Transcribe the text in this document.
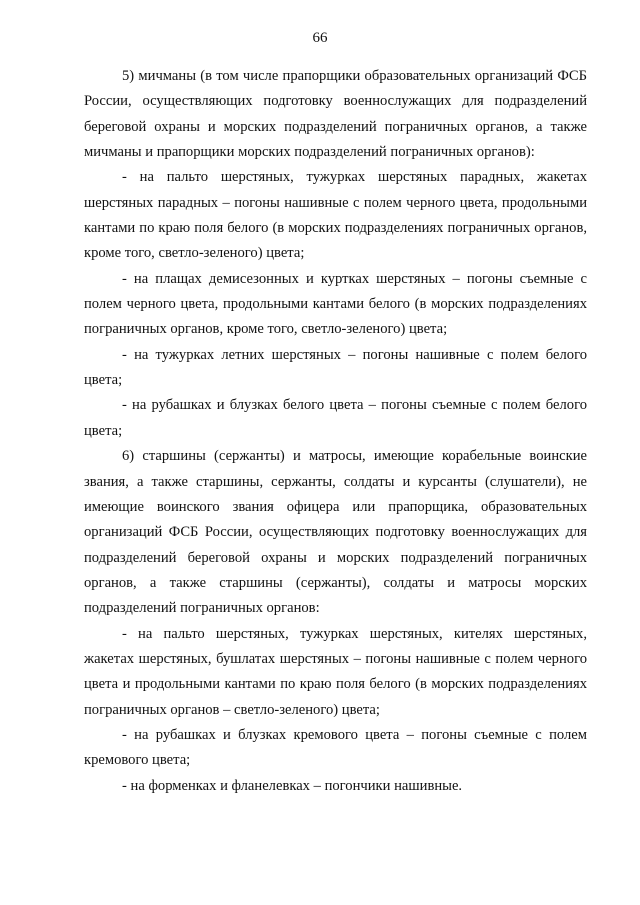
66

5) мичманы (в том числе прапорщики образовательных организаций ФСБ России, осуществляющих подготовку военнослужащих для подразделений береговой охраны и морских подразделений пограничных органов, а также мичманы и прапорщики морских подразделений пограничных органов):

- на пальто шерстяных, тужурках шерстяных парадных, жакетах шерстяных парадных – погоны нашивные с полем черного цвета, продольными кантами по краю поля белого (в морских подразделениях пограничных органов, кроме того, светло-зеленого) цвета;

- на плащах демисезонных и куртках шерстяных – погоны съемные с полем черного цвета, продольными кантами белого (в морских подразделениях пограничных органов, кроме того, светло-зеленого) цвета;

- на тужурках летних шерстяных – погоны нашивные с полем белого цвета;

- на рубашках и блузках белого цвета – погоны съемные с полем белого цвета;

6) старшины (сержанты) и матросы, имеющие корабельные воинские звания, а также старшины, сержанты, солдаты и курсанты (слушатели), не имеющие воинского звания офицера или прапорщика, образовательных организаций ФСБ России, осуществляющих подготовку военнослужащих для подразделений береговой охраны и морских подразделений пограничных органов, а также старшины (сержанты), солдаты и матросы морских подразделений пограничных органов:

- на пальто шерстяных, тужурках шерстяных, кителях шерстяных, жакетах шерстяных, бушлатах шерстяных – погоны нашивные с полем черного цвета и продольными кантами по краю поля белого (в морских подразделениях пограничных органов – светло-зеленого) цвета;

- на рубашках и блузках кремового цвета – погоны съемные с полем кремового цвета;

- на форменках и фланелевках – погончики нашивные.
